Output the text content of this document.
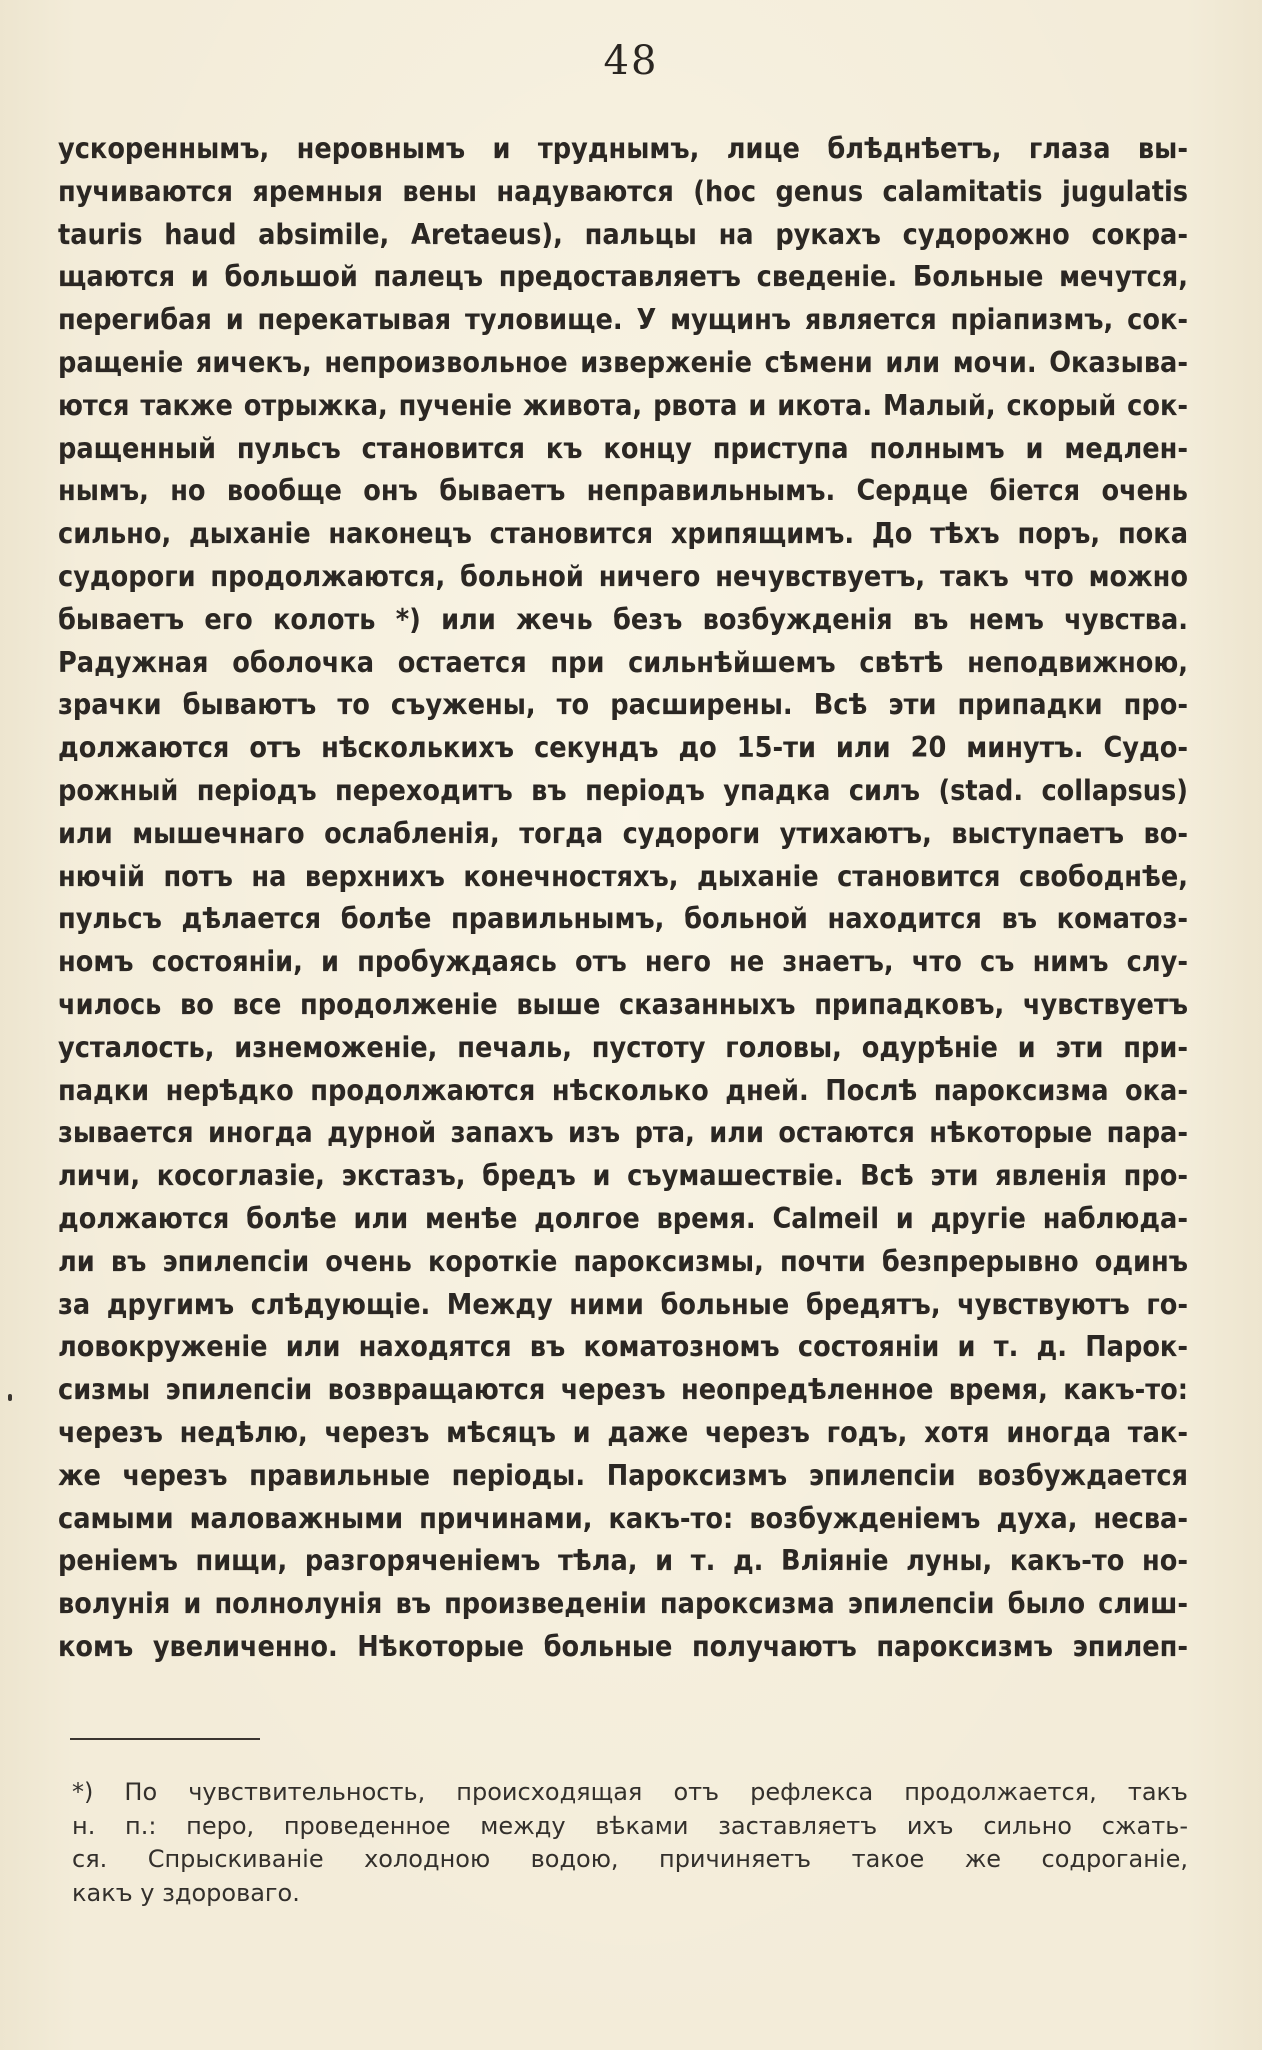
48
ускореннымъ, неровнымъ и труднымъ, лице блѣднѣетъ, глаза вы-
пучиваются яремныя вены надуваются (hoc genus calamitatis jugulatis
tauris haud absimile, Aretaeus), пальцы на рукахъ судорожно сокра-
щаются и большой палецъ предоставляетъ сведеніе. Больные мечутся,
перегибая и перекатывая туловище. У мущинъ является пріапизмъ, сок-
ращеніе яичекъ, непроизвольное изверженіе сѣмени или мочи. Оказыва-
ются также отрыжка, пученіе живота, рвота и икота. Малый, скорый сок-
ращенный пульсъ становится къ концу приступа полнымъ и медлен-
нымъ, но вообще онъ бываетъ неправильнымъ. Сердце біется очень
сильно, дыханіе наконецъ становится хрипящимъ. До тѣхъ поръ, пока
судороги продолжаются, больной ничего нечувствуетъ, такъ что можно
бываетъ его колоть *) или жечь безъ возбужденія въ немъ чувства.
Радужная оболочка остается при сильнѣйшемъ свѣтѣ неподвижною,
зрачки бываютъ то съужены, то расширены. Всѣ эти припадки про-
должаются отъ нѣсколькихъ секундъ до 15-ти или 20 минутъ. Судо-
рожный періодъ переходитъ въ періодъ упадка силъ (stad. collapsus)
или мышечнаго ослабленія, тогда судороги утихаютъ, выступаетъ во-
нючій потъ на верхнихъ конечностяхъ, дыханіе становится свободнѣе,
пульсъ дѣлается болѣе правильнымъ, больной находится въ коматоз-
номъ состояніи, и пробуждаясь отъ него не знаетъ, что съ нимъ слу-
чилось во все продолженіе выше сказанныхъ припадковъ, чувствуетъ
усталость, изнеможеніе, печаль, пустоту головы, одурѣніе и эти при-
падки нерѣдко продолжаются нѣсколько дней. Послѣ пароксизма ока-
зывается иногда дурной запахъ изъ рта, или остаются нѣкоторые пара-
личи, косоглазіе, экстазъ, бредъ и съумашествіе. Всѣ эти явленія про-
должаются болѣе или менѣе долгое время. Calmeil и другіе наблюда-
ли въ эпилепсіи очень короткіе пароксизмы, почти безпрерывно одинъ
за другимъ слѣдующіе. Между ними больные бредятъ, чувствуютъ го-
ловокруженіе или находятся въ коматозномъ состояніи и т. д. Парок-
сизмы эпилепсіи возвращаются черезъ неопредѣленное время, какъ-то:
черезъ недѣлю, черезъ мѣсяцъ и даже черезъ годъ, хотя иногда так-
же черезъ правильные періоды. Пароксизмъ эпилепсіи возбуждается
самыми маловажными причинами, какъ-то: возбужденіемъ духа, несва-
реніемъ пищи, разгоряченіемъ тѣла, и т. д. Вліяніе луны, какъ-то но-
волунія и полнолунія въ произведеніи пароксизма эпилепсіи было слиш-
комъ увеличенно. Нѣкоторые больные получаютъ пароксизмъ эпилеп-
*) По чувствительность, происходящая отъ рефлекса продолжается, такъ
н. п.: перо, проведенное между вѣками заставляетъ ихъ сильно сжать-
ся. Спрыскиваніе холодною водою, причиняетъ такое же содроганіе,
какъ у здороваго.
